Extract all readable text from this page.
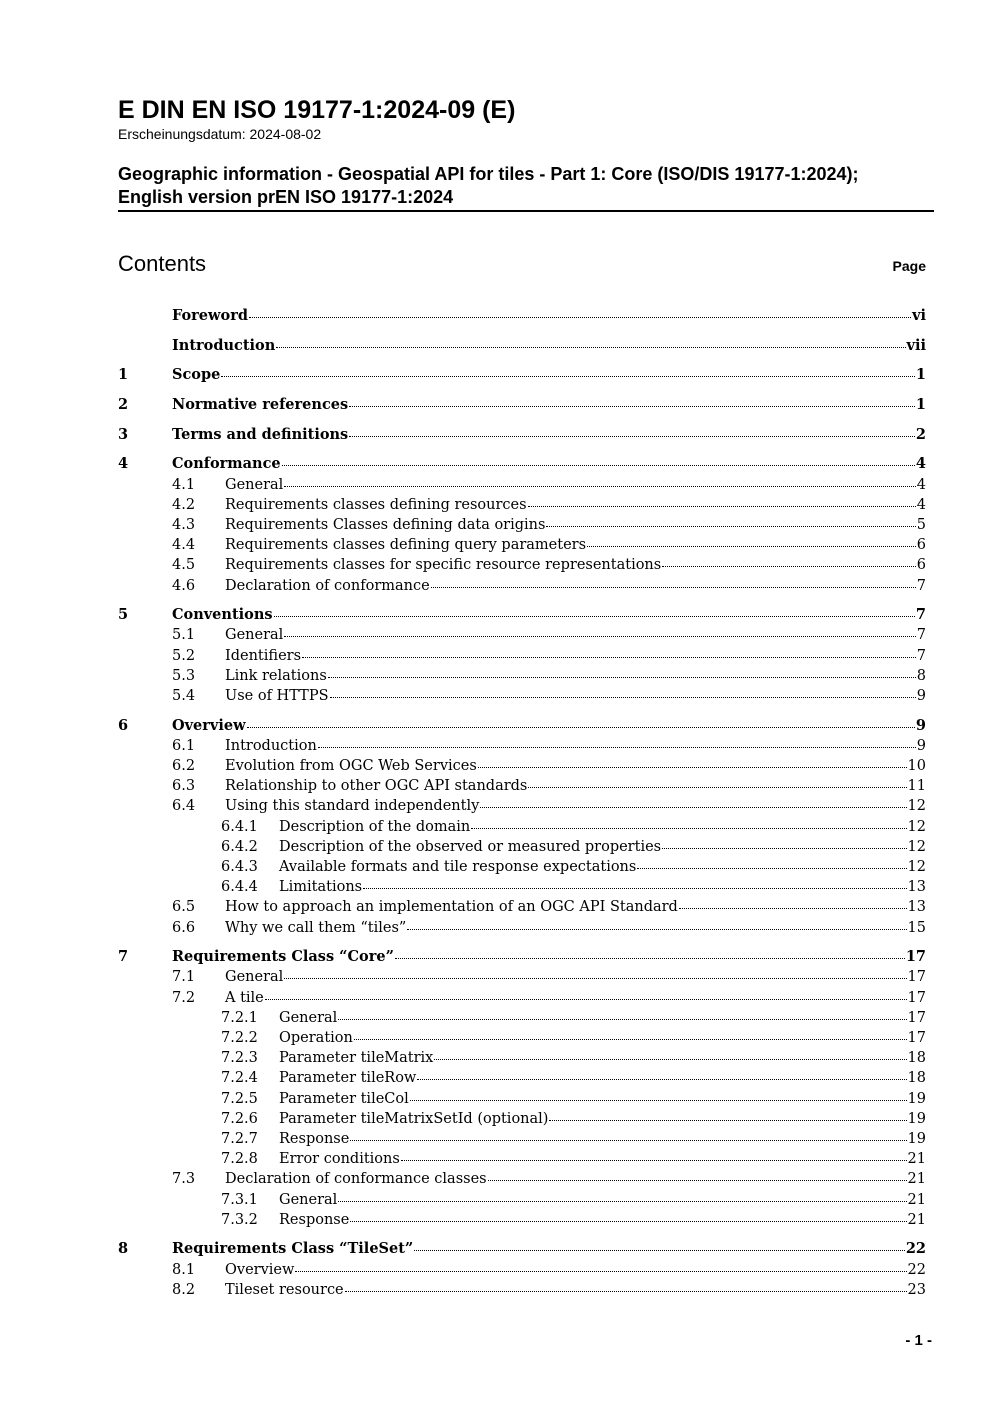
E DIN EN ISO 19177-1:2024-09 (E)
Erscheinungsdatum: 2024-08-02
Geographic information - Geospatial API for tiles - Part 1: Core (ISO/DIS 19177-1:2024); English version prEN ISO 19177-1:2024
Contents	Page
Foreword	vi
Introduction	vii
1	Scope	1
2	Normative references	1
3	Terms and definitions	2
4	Conformance	4
4.1	General	4
4.2	Requirements classes defining resources	4
4.3	Requirements Classes defining data origins	5
4.4	Requirements classes defining query parameters	6
4.5	Requirements classes for specific resource representations	6
4.6	Declaration of conformance	7
5	Conventions	7
5.1	General	7
5.2	Identifiers	7
5.3	Link relations	8
5.4	Use of HTTPS	9
6	Overview	9
6.1	Introduction	9
6.2	Evolution from OGC Web Services	10
6.3	Relationship to other OGC API standards	11
6.4	Using this standard independently	12
6.4.1	Description of the domain	12
6.4.2	Description of the observed or measured properties	12
6.4.3	Available formats and tile response expectations	12
6.4.4	Limitations	13
6.5	How to approach an implementation of an OGC API Standard	13
6.6	Why we call them “tiles”	15
7	Requirements Class “Core”	17
7.1	General	17
7.2	A tile	17
7.2.1	General	17
7.2.2	Operation	17
7.2.3	Parameter tileMatrix	18
7.2.4	Parameter tileRow	18
7.2.5	Parameter tileCol	19
7.2.6	Parameter tileMatrixSetId (optional)	19
7.2.7	Response	19
7.2.8	Error conditions	21
7.3	Declaration of conformance classes	21
7.3.1	General	21
7.3.2	Response	21
8	Requirements Class “TileSet”	22
8.1	Overview	22
8.2	Tileset resource	23
- 1 -
